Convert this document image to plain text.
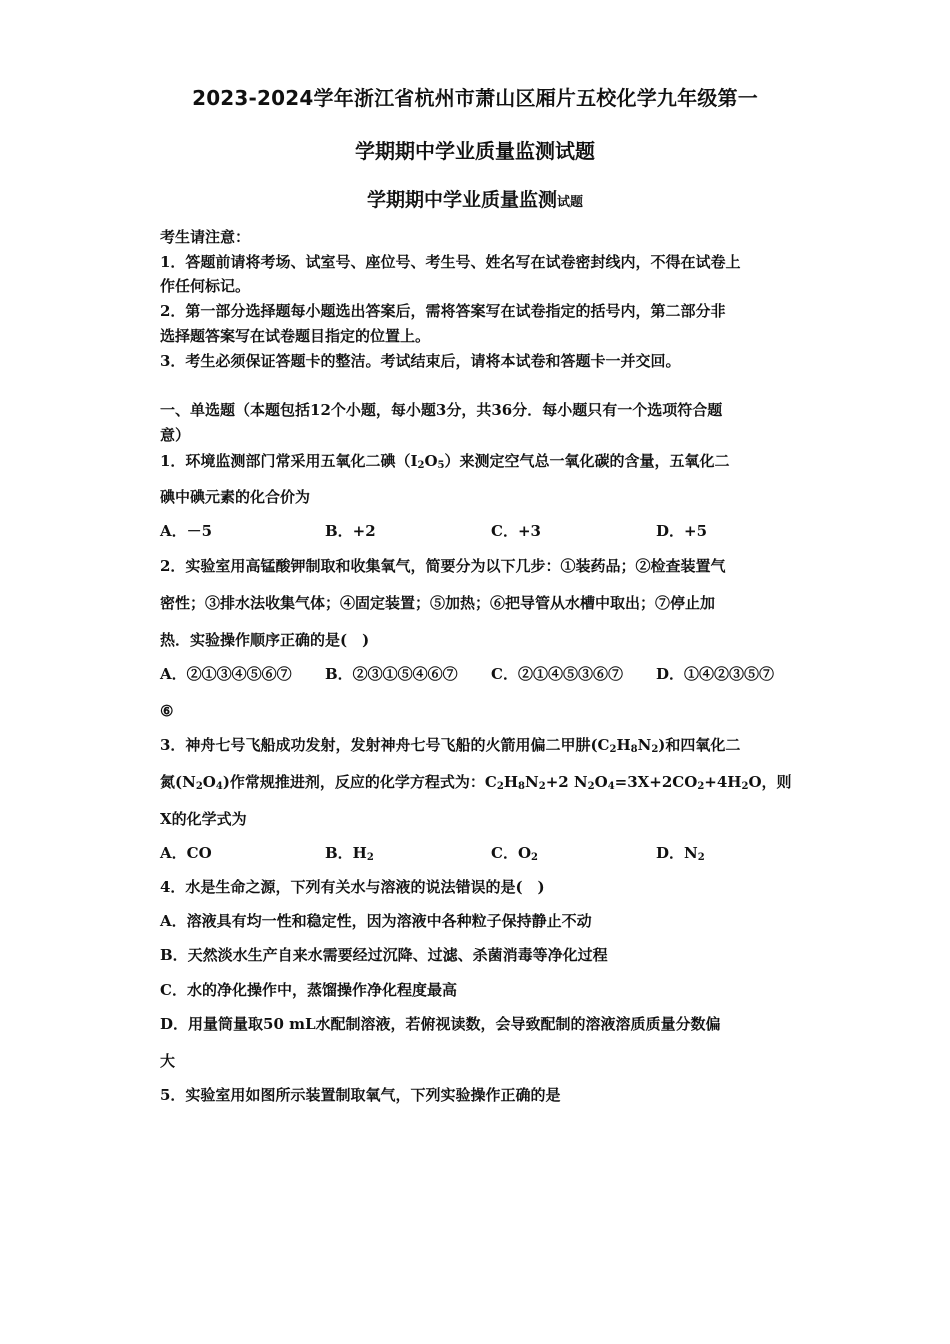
2023-2024学年浙江省杭州市萧山区厢片五校化学九年级第一
学期期中学业质量监测试题
学期期中学业质量监测试题
考生请注意：
1．答题前请将考场、试室号、座位号、考生号、姓名写在试卷密封线内，不得在试卷上
作任何标记。
2．第一部分选择题每小题选出答案后，需将答案写在试卷指定的括号内，第二部分非
选择题答案写在试卷题目指定的位置上。
3．考生必须保证答题卡的整洁。考试结束后，请将本试卷和答题卡一并交回。
一、单选题（本题包括12个小题，每小题3分，共36分．每小题只有一个选项符合题
意）
1．环境监测部门常采用五氧化二碘$(I_2O_5)$来测定空气总一氧化碳的含量，五氧化二
碘中碘元素的化合价为
A．－5	B．+2	C．+3	D．+5
2．实验室用高锰酸钾制取和收集氧气，简要分为以下几步：①装药品；②检查装置气
密性；③排水法收集气体；④固定装置；⑤加热；⑥把导管从水槽中取出；⑦停止加
热．实验操作顺序正确的是(　)
A．②①③④⑤⑥⑦ B．②③①⑤④⑥⑦ C．②①④⑤③⑥⑦ D．①④②③⑤⑦
⑥
3．神舟七号飞船成功发射，发射神舟七号飞船的火箭用偏二甲肼$(C_2H_8N_2)$和四氧化二
氮$(N_2O_4)$作常规推进剂，反应的化学方程式为：$C_2H_8N_2+2$ $N_2O_4=3X+2CO_2+4H_2O$，则
X的化学式为
A．CO	B．$H_2$	C．$O_2$	D．$N_2$
4．水是生命之源，下列有关水与溶液的说法错误的是(　)
A．溶液具有均一性和稳定性，因为溶液中各种粒子保持静止不动
B．天然淡水生产自来水需要经过沉降、过滤、杀菌消毒等净化过程
C．水的净化操作中，蒸馏操作净化程度最高
D．用量筒量取50 mL水配制溶液，若俯视读数，会导致配制的溶液溶质质量分数偏
大
5．实验室用如图所示装置制取氧气，下列实验操作正确的是
